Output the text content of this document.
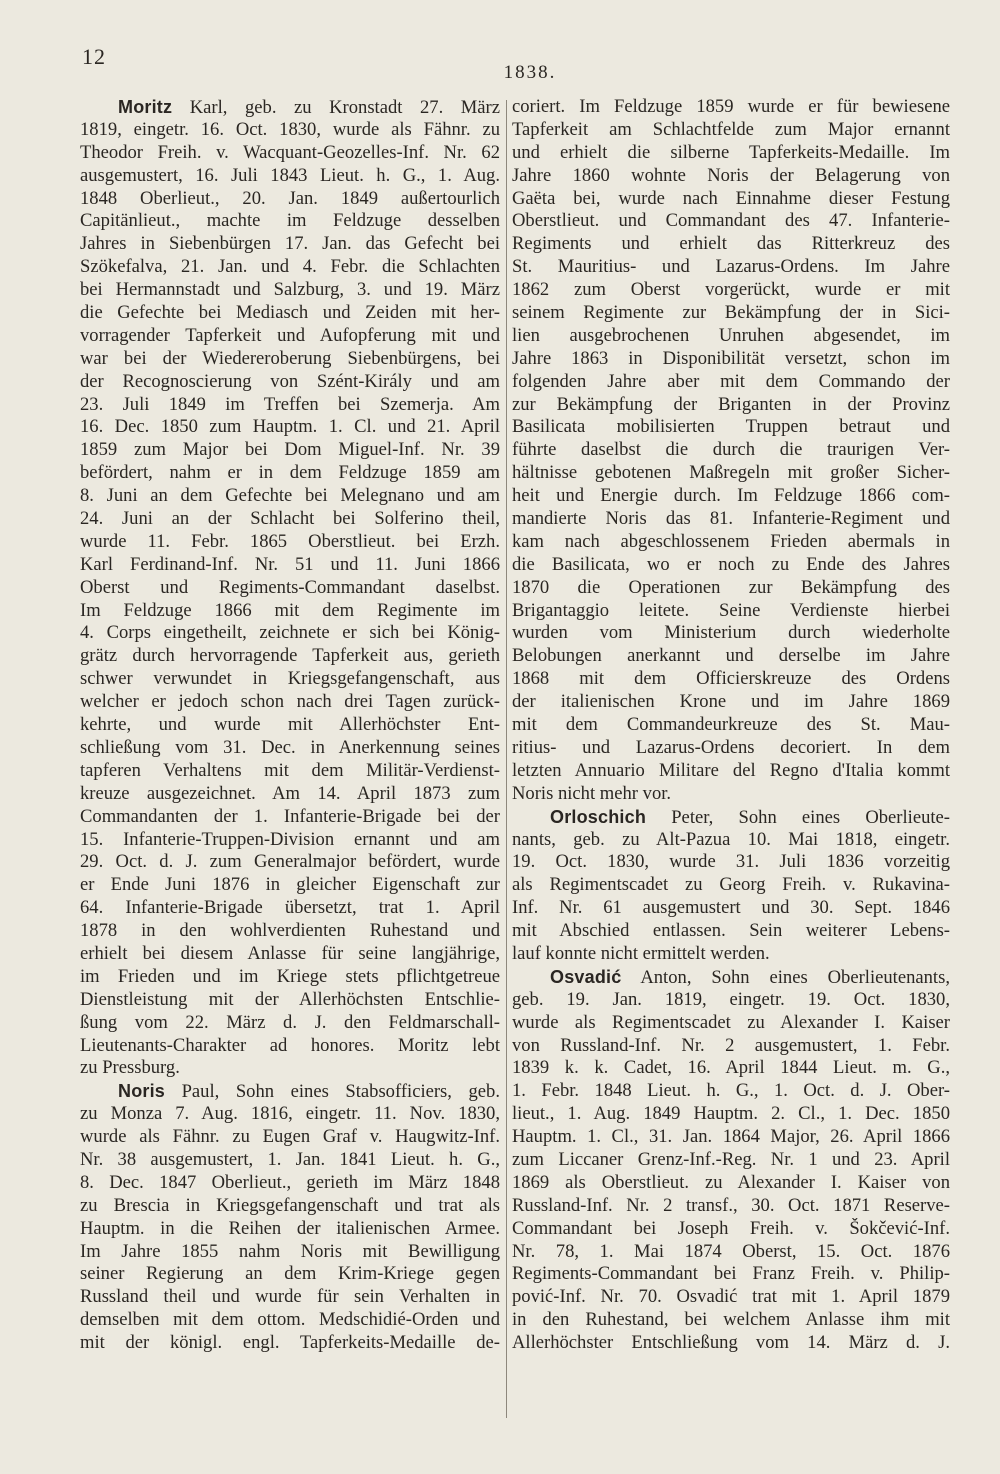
12
1838.
Moritz Karl, geb. zu Kronstadt 27. März
1819, eingetr. 16. Oct. 1830, wurde als Fähnr. zu
Theodor Freih. v. Wacquant-Geozelles-Inf. Nr. 62
ausgemustert, 16. Juli 1843 Lieut. h. G., 1. Aug.
1848 Oberlieut., 20. Jan. 1849 außertourlich
Capitänlieut., machte im Feldzuge desselben
Jahres in Siebenbürgen 17. Jan. das Gefecht bei
Szökefalva, 21. Jan. und 4. Febr. die Schlachten
bei Hermannstadt und Salzburg, 3. und 19. März
die Gefechte bei Mediasch und Zeiden mit her-
vorragender Tapferkeit und Aufopferung mit und
war bei der Wiedereroberung Siebenbürgens, bei
der Recognoscierung von Szént-Király und am
23. Juli 1849 im Treffen bei Szemerja. Am
16. Dec. 1850 zum Hauptm. 1. Cl. und 21. April
1859 zum Major bei Dom Miguel-Inf. Nr. 39
befördert, nahm er in dem Feldzuge 1859 am
8. Juni an dem Gefechte bei Melegnano und am
24. Juni an der Schlacht bei Solferino theil,
wurde 11. Febr. 1865 Oberstlieut. bei Erzh.
Karl Ferdinand-Inf. Nr. 51 und 11. Juni 1866
Oberst und Regiments-Commandant daselbst.
Im Feldzuge 1866 mit dem Regimente im
4. Corps eingetheilt, zeichnete er sich bei König-
grätz durch hervorragende Tapferkeit aus, gerieth
schwer verwundet in Kriegsgefangenschaft, aus
welcher er jedoch schon nach drei Tagen zurück-
kehrte, und wurde mit Allerhöchster Ent-
schließung vom 31. Dec. in Anerkennung seines
tapferen Verhaltens mit dem Militär-Verdienst-
kreuze ausgezeichnet. Am 14. April 1873 zum
Commandanten der 1. Infanterie-Brigade bei der
15. Infanterie-Truppen-Division ernannt und am
29. Oct. d. J. zum Generalmajor befördert, wurde
er Ende Juni 1876 in gleicher Eigenschaft zur
64. Infanterie-Brigade übersetzt, trat 1. April
1878 in den wohlverdienten Ruhestand und
erhielt bei diesem Anlasse für seine langjährige,
im Frieden und im Kriege stets pflichtgetreue
Dienstleistung mit der Allerhöchsten Entschlie-
ßung vom 22. März d. J. den Feldmarschall-
Lieutenants-Charakter ad honores. Moritz lebt
zu Pressburg.
Noris Paul, Sohn eines Stabsofficiers, geb.
zu Monza 7. Aug. 1816, eingetr. 11. Nov. 1830,
wurde als Fähnr. zu Eugen Graf v. Haugwitz-Inf.
Nr. 38 ausgemustert, 1. Jan. 1841 Lieut. h. G.,
8. Dec. 1847 Oberlieut., gerieth im März 1848
zu Brescia in Kriegsgefangenschaft und trat als
Hauptm. in die Reihen der italienischen Armee.
Im Jahre 1855 nahm Noris mit Bewilligung
seiner Regierung an dem Krim-Kriege gegen
Russland theil und wurde für sein Verhalten in
demselben mit dem ottom. Medschidié-Orden und
mit der königl. engl. Tapferkeits-Medaille de-
coriert. Im Feldzuge 1859 wurde er für bewiesene
Tapferkeit am Schlachtfelde zum Major ernannt
und erhielt die silberne Tapferkeits-Medaille. Im
Jahre 1860 wohnte Noris der Belagerung von
Gaëta bei, wurde nach Einnahme dieser Festung
Oberstlieut. und Commandant des 47. Infanterie-
Regiments und erhielt das Ritterkreuz des
St. Mauritius- und Lazarus-Ordens. Im Jahre
1862 zum Oberst vorgerückt, wurde er mit
seinem Regimente zur Bekämpfung der in Sici-
lien ausgebrochenen Unruhen abgesendet, im
Jahre 1863 in Disponibilität versetzt, schon im
folgenden Jahre aber mit dem Commando der
zur Bekämpfung der Briganten in der Provinz
Basilicata mobilisierten Truppen betraut und
führte daselbst die durch die traurigen Ver-
hältnisse gebotenen Maßregeln mit großer Sicher-
heit und Energie durch. Im Feldzuge 1866 com-
mandierte Noris das 81. Infanterie-Regiment und
kam nach abgeschlossenem Frieden abermals in
die Basilicata, wo er noch zu Ende des Jahres
1870 die Operationen zur Bekämpfung des
Brigantaggio leitete. Seine Verdienste hierbei
wurden vom Ministerium durch wiederholte
Belobungen anerkannt und derselbe im Jahre
1868 mit dem Officierskreuze des Ordens
der italienischen Krone und im Jahre 1869
mit dem Commandeurkreuze des St. Mau-
ritius- und Lazarus-Ordens decoriert. In dem
letzten Annuario Militare del Regno d'Italia kommt
Noris nicht mehr vor.
Orloschich Peter, Sohn eines Oberlieute-
nants, geb. zu Alt-Pazua 10. Mai 1818, eingetr.
19. Oct. 1830, wurde 31. Juli 1836 vorzeitig
als Regimentscadet zu Georg Freih. v. Rukavina-
Inf. Nr. 61 ausgemustert und 30. Sept. 1846
mit Abschied entlassen. Sein weiterer Lebens-
lauf konnte nicht ermittelt werden.
Osvadić Anton, Sohn eines Oberlieutenants,
geb. 19. Jan. 1819, eingetr. 19. Oct. 1830,
wurde als Regimentscadet zu Alexander I. Kaiser
von Russland-Inf. Nr. 2 ausgemustert, 1. Febr.
1839 k. k. Cadet, 16. April 1844 Lieut. m. G.,
1. Febr. 1848 Lieut. h. G., 1. Oct. d. J. Ober-
lieut., 1. Aug. 1849 Hauptm. 2. Cl., 1. Dec. 1850
Hauptm. 1. Cl., 31. Jan. 1864 Major, 26. April 1866
zum Liccaner Grenz-Inf.-Reg. Nr. 1 und 23. April
1869 als Oberstlieut. zu Alexander I. Kaiser von
Russland-Inf. Nr. 2 transf., 30. Oct. 1871 Reserve-
Commandant bei Joseph Freih. v. Šokčević-Inf.
Nr. 78, 1. Mai 1874 Oberst, 15. Oct. 1876
Regiments-Commandant bei Franz Freih. v. Philip-
pović-Inf. Nr. 70. Osvadić trat mit 1. April 1879
in den Ruhestand, bei welchem Anlasse ihm mit
Allerhöchster Entschließung vom 14. März d. J.
